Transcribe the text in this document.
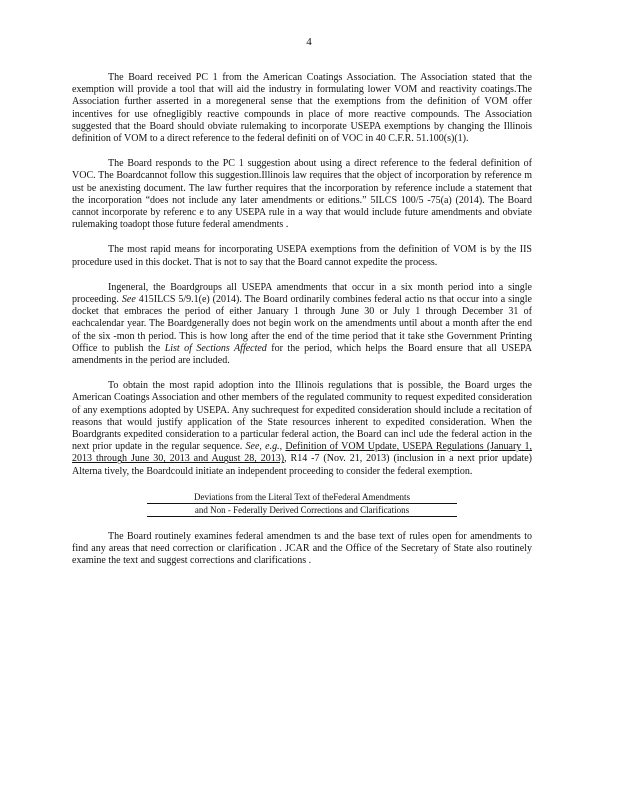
4

The Board received PC 1 from the American Coatings Association. The Association stated that the exemption will provide a tool that will aid the industry in formulating lower VOM and reactivity coatings.The Association further asserted in a moregeneral sense that the exemptions from the definition of VOM offer incentives for use ofnegligibly reactive compounds in place of more reactive compounds. The Association suggested that the Board should obviate rulemaking to incorporate USEPA exemptions by changing the Illinois definition of VOM to a direct reference to the federal definiti on of VOC in 40 C.F.R. 51.100(s)(1).

The Board responds to the PC 1 suggestion about using a direct reference to the federal definition of VOC. The Boardcannot follow this suggestion.Illinois law requires that the object of incorporation by reference m ust be anexisting document. The law further requires that the incorporation by reference include a statement that the incorporation “does not include any later amendments or editions.” 5ILCS 100/5 -75(a) (2014). The Board cannot incorporate by referenc e to any USEPA rule in a way that would include future amendments and obviate rulemaking toadopt those future federal amendments .

The most rapid means for incorporating USEPA exemptions from the definition of VOM is by the IIS procedure used in this docket. That is not to say that the Board cannot expedite the process.

Ingeneral, the Boardgroups all USEPA amendments that occur in a six month period into a single proceeding. See 415ILCS 5/9.1(e) (2014). The Board ordinarily combines federal actio ns that occur into a single docket that embraces the period of either January 1 through June 30 or July 1 through December 31 of eachcalendar year. The Boardgenerally does not begin work on the amendments until about a month after the end of the six -mon th period. This is how long after the end of the time period that it take sthe Government Printing Office to publish the List of Sections Affected for the period, which helps the Board ensure that all USEPA amendments in the period are included.

To obtain the most rapid adoption into the Illinois regulations that is possible, the Board urges the American Coatings Association and other members of the regulated community to request expedited consideration of any exemptions adopted by USEPA. Any suchrequest for expedited consideration should include a recitation of reasons that would justify application of the State resources inherent to expedited consideration. When the Boardgrants expedited consideration to a particular federal action, the Board can incl ude the federal action in the next prior update in the regular sequence. See, e.g., Definition of VOM Update, USEPA Regulations (January 1, 2013 through June 30, 2013 and August 28, 2013), R14 -7 (Nov. 21, 2013) (inclusion in a next prior update) Alterna tively, the Boardcould initiate an independent proceeding to consider the federal exemption.

Deviations from the Literal Text of theFederal Amendments
and Non - Federally Derived Corrections and Clarifications

The Board routinely examines federal amendmen ts and the base text of rules open for amendments to find any areas that need correction or clarification . JCAR and the Office of the Secretary of State also routinely examine the text and suggest corrections and clarifications .
